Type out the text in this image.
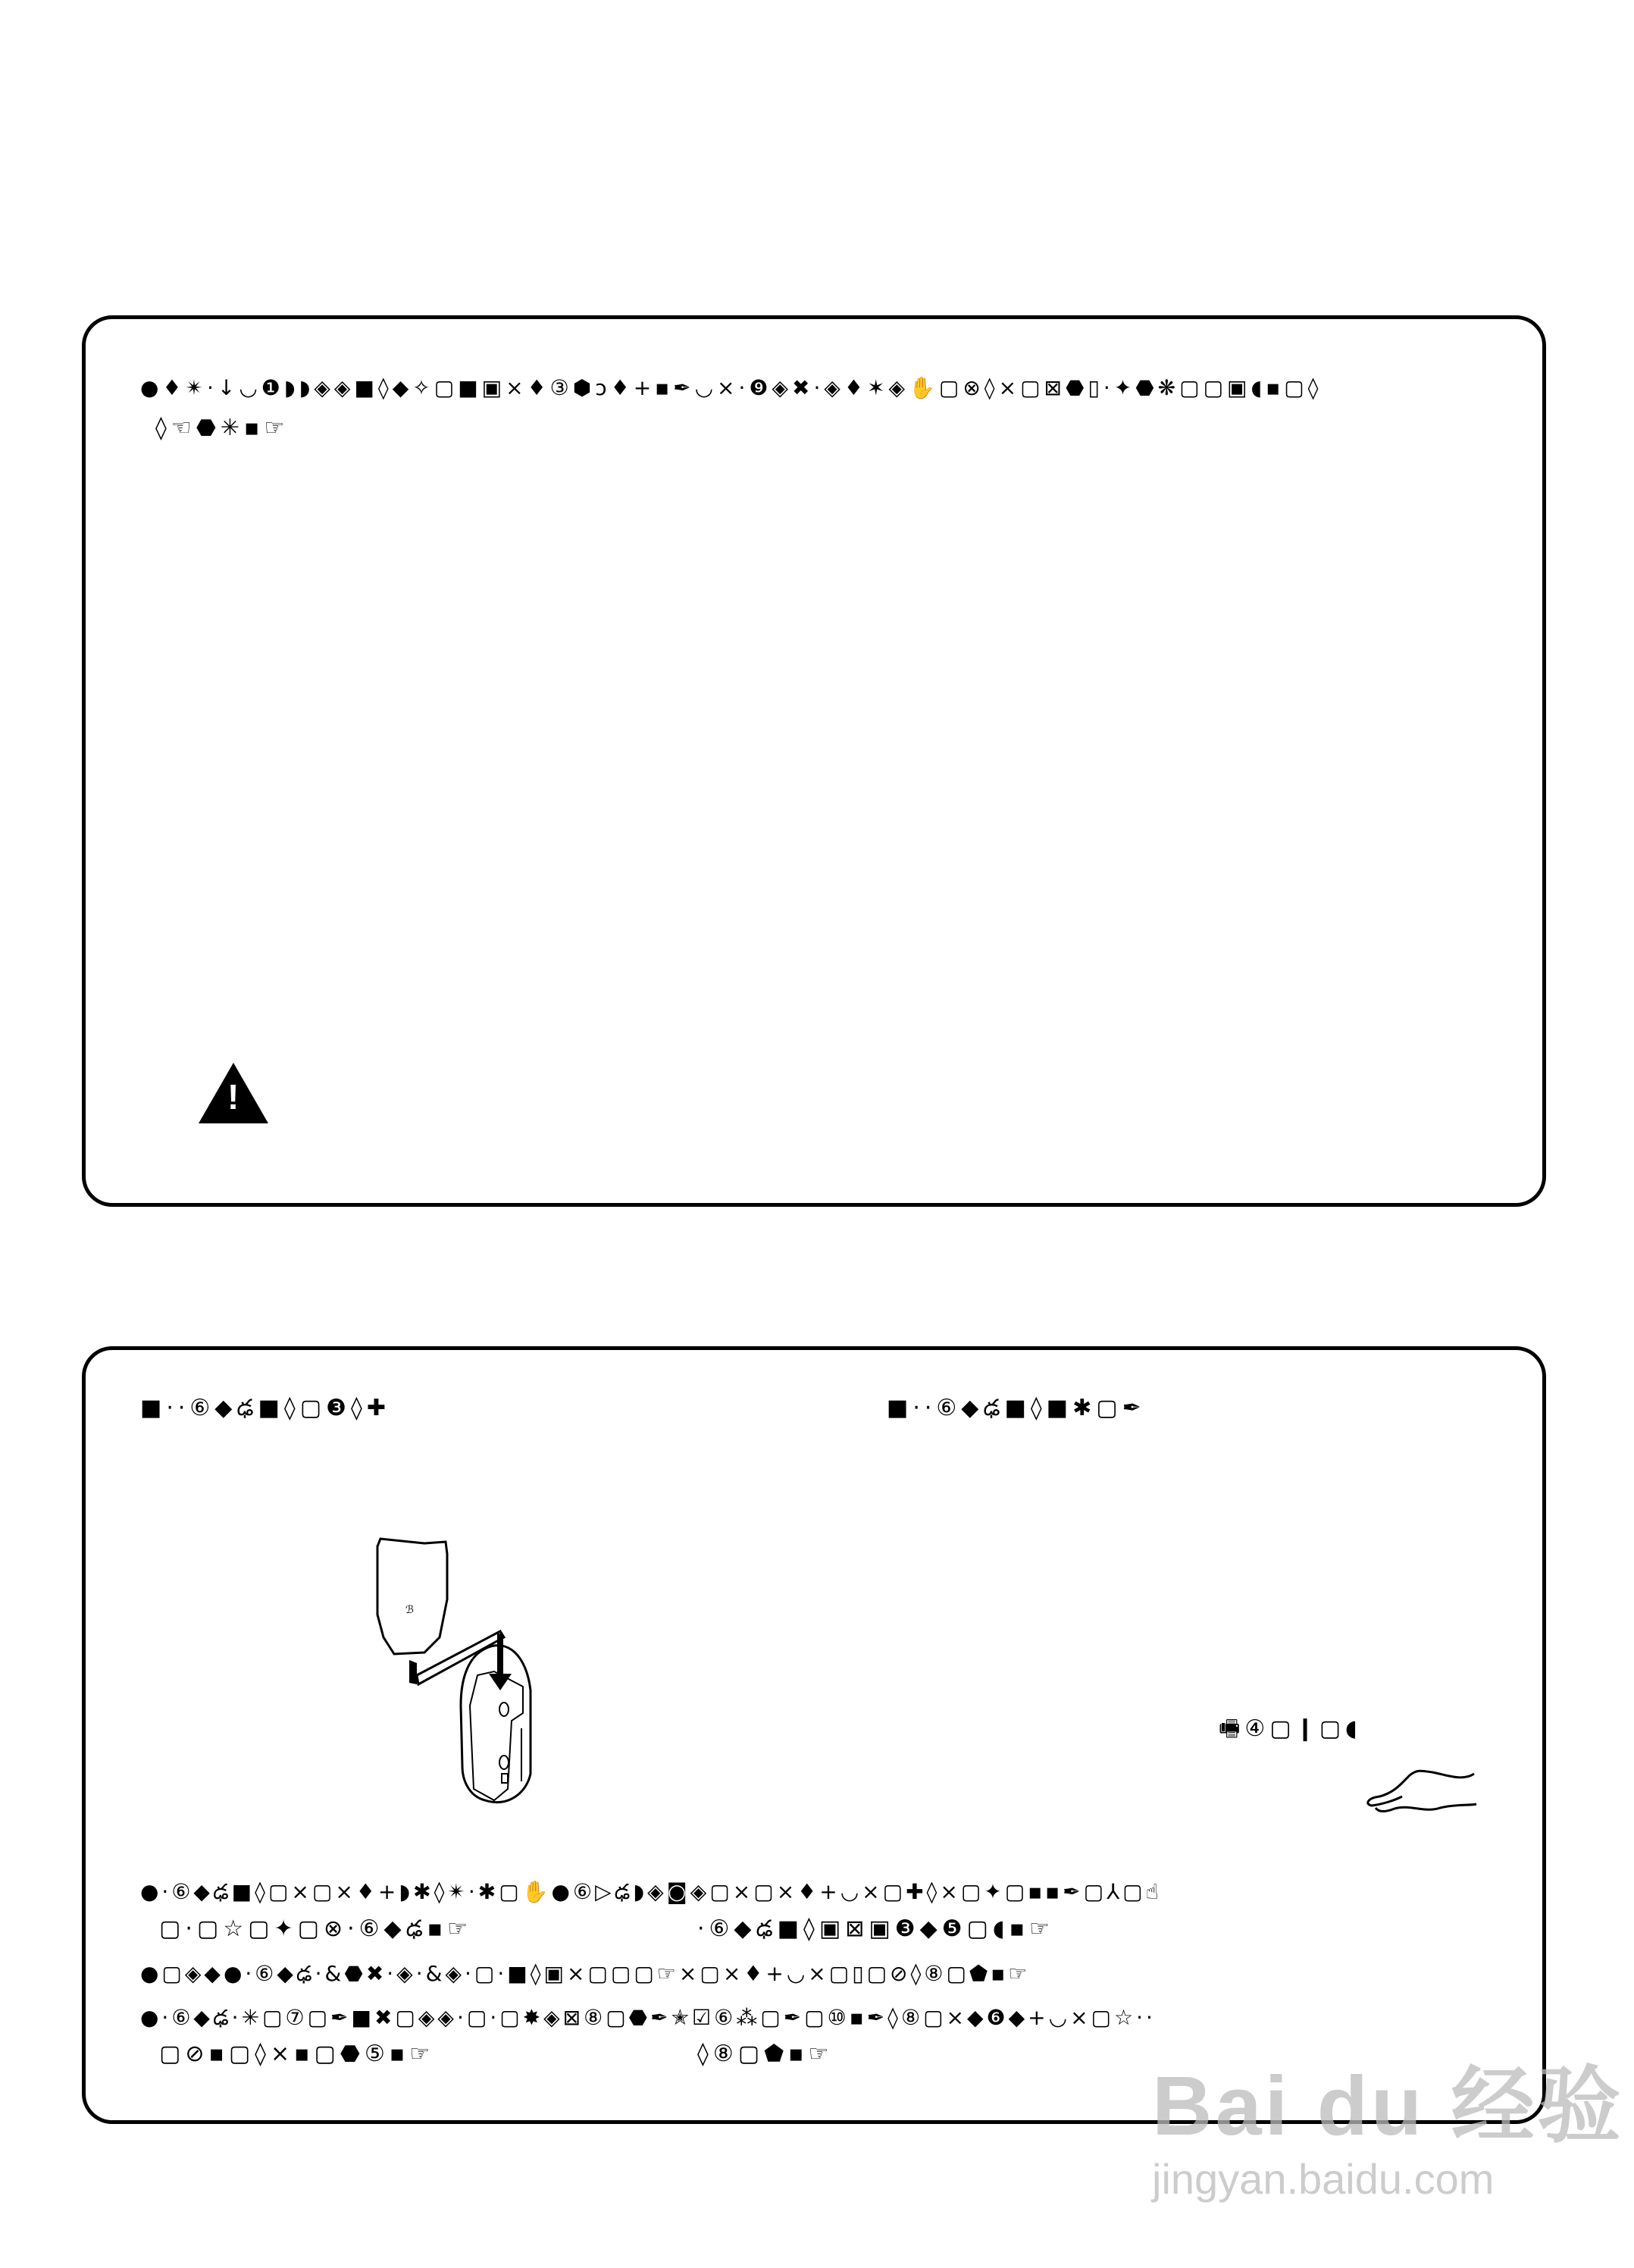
●♦✴·↓◡❶◗◗◈◈■◊◆✧▢■▣×♦③⬢ↄ♦+▪✒◡×·❾◈✖·◈♦✶◈✋▢⊗◊×▢⊠⬣▯·✦⬣❋▢▢▣◖▪▢◊
◊☜⬣✳▪☞
!
■··⑥◆ఢ■◊▢❸◊✚	■··⑥◆ఢ■◊■✱▢✒
ℬ
🖷④▢❙▢◖
●·⑥◆ఢ■◊▢×▢×♦+◗✱◊✴·✱▢✋●⑥▷ఢ◗◈◙◈▢×▢×♦+◡×▢✚◊×▢✦▢▪▪✒▢⅄▢☝
▢·▢☆▢✦▢⊗·⑥◆ఢ▪☞	·⑥◆ఢ■◊▣⊠▣❸◆❺▢◖▪☞
●▢◈◆●·⑥◆ఢ·&⬣✖·◈·&◈·▢·■◊▣×▢▢▢☞×▢×♦+◡×▢▯▢⊘◊⑧▢⬟▪☞
●·⑥◆ఢ·✳▢⑦▢✒■✖▢◈◈·▢·▢✸◈⊠⑧▢⬣✒✭☑⑥⁂▢✒▢⑩▪✒◊⑧▢×◆❻◆+◡×▢☆··
▢⊘▪▢◊×▪▢⬣⑤▪☞	◊⑧▢⬟▪☞
Bai du 经验
jingyan.baidu.com
